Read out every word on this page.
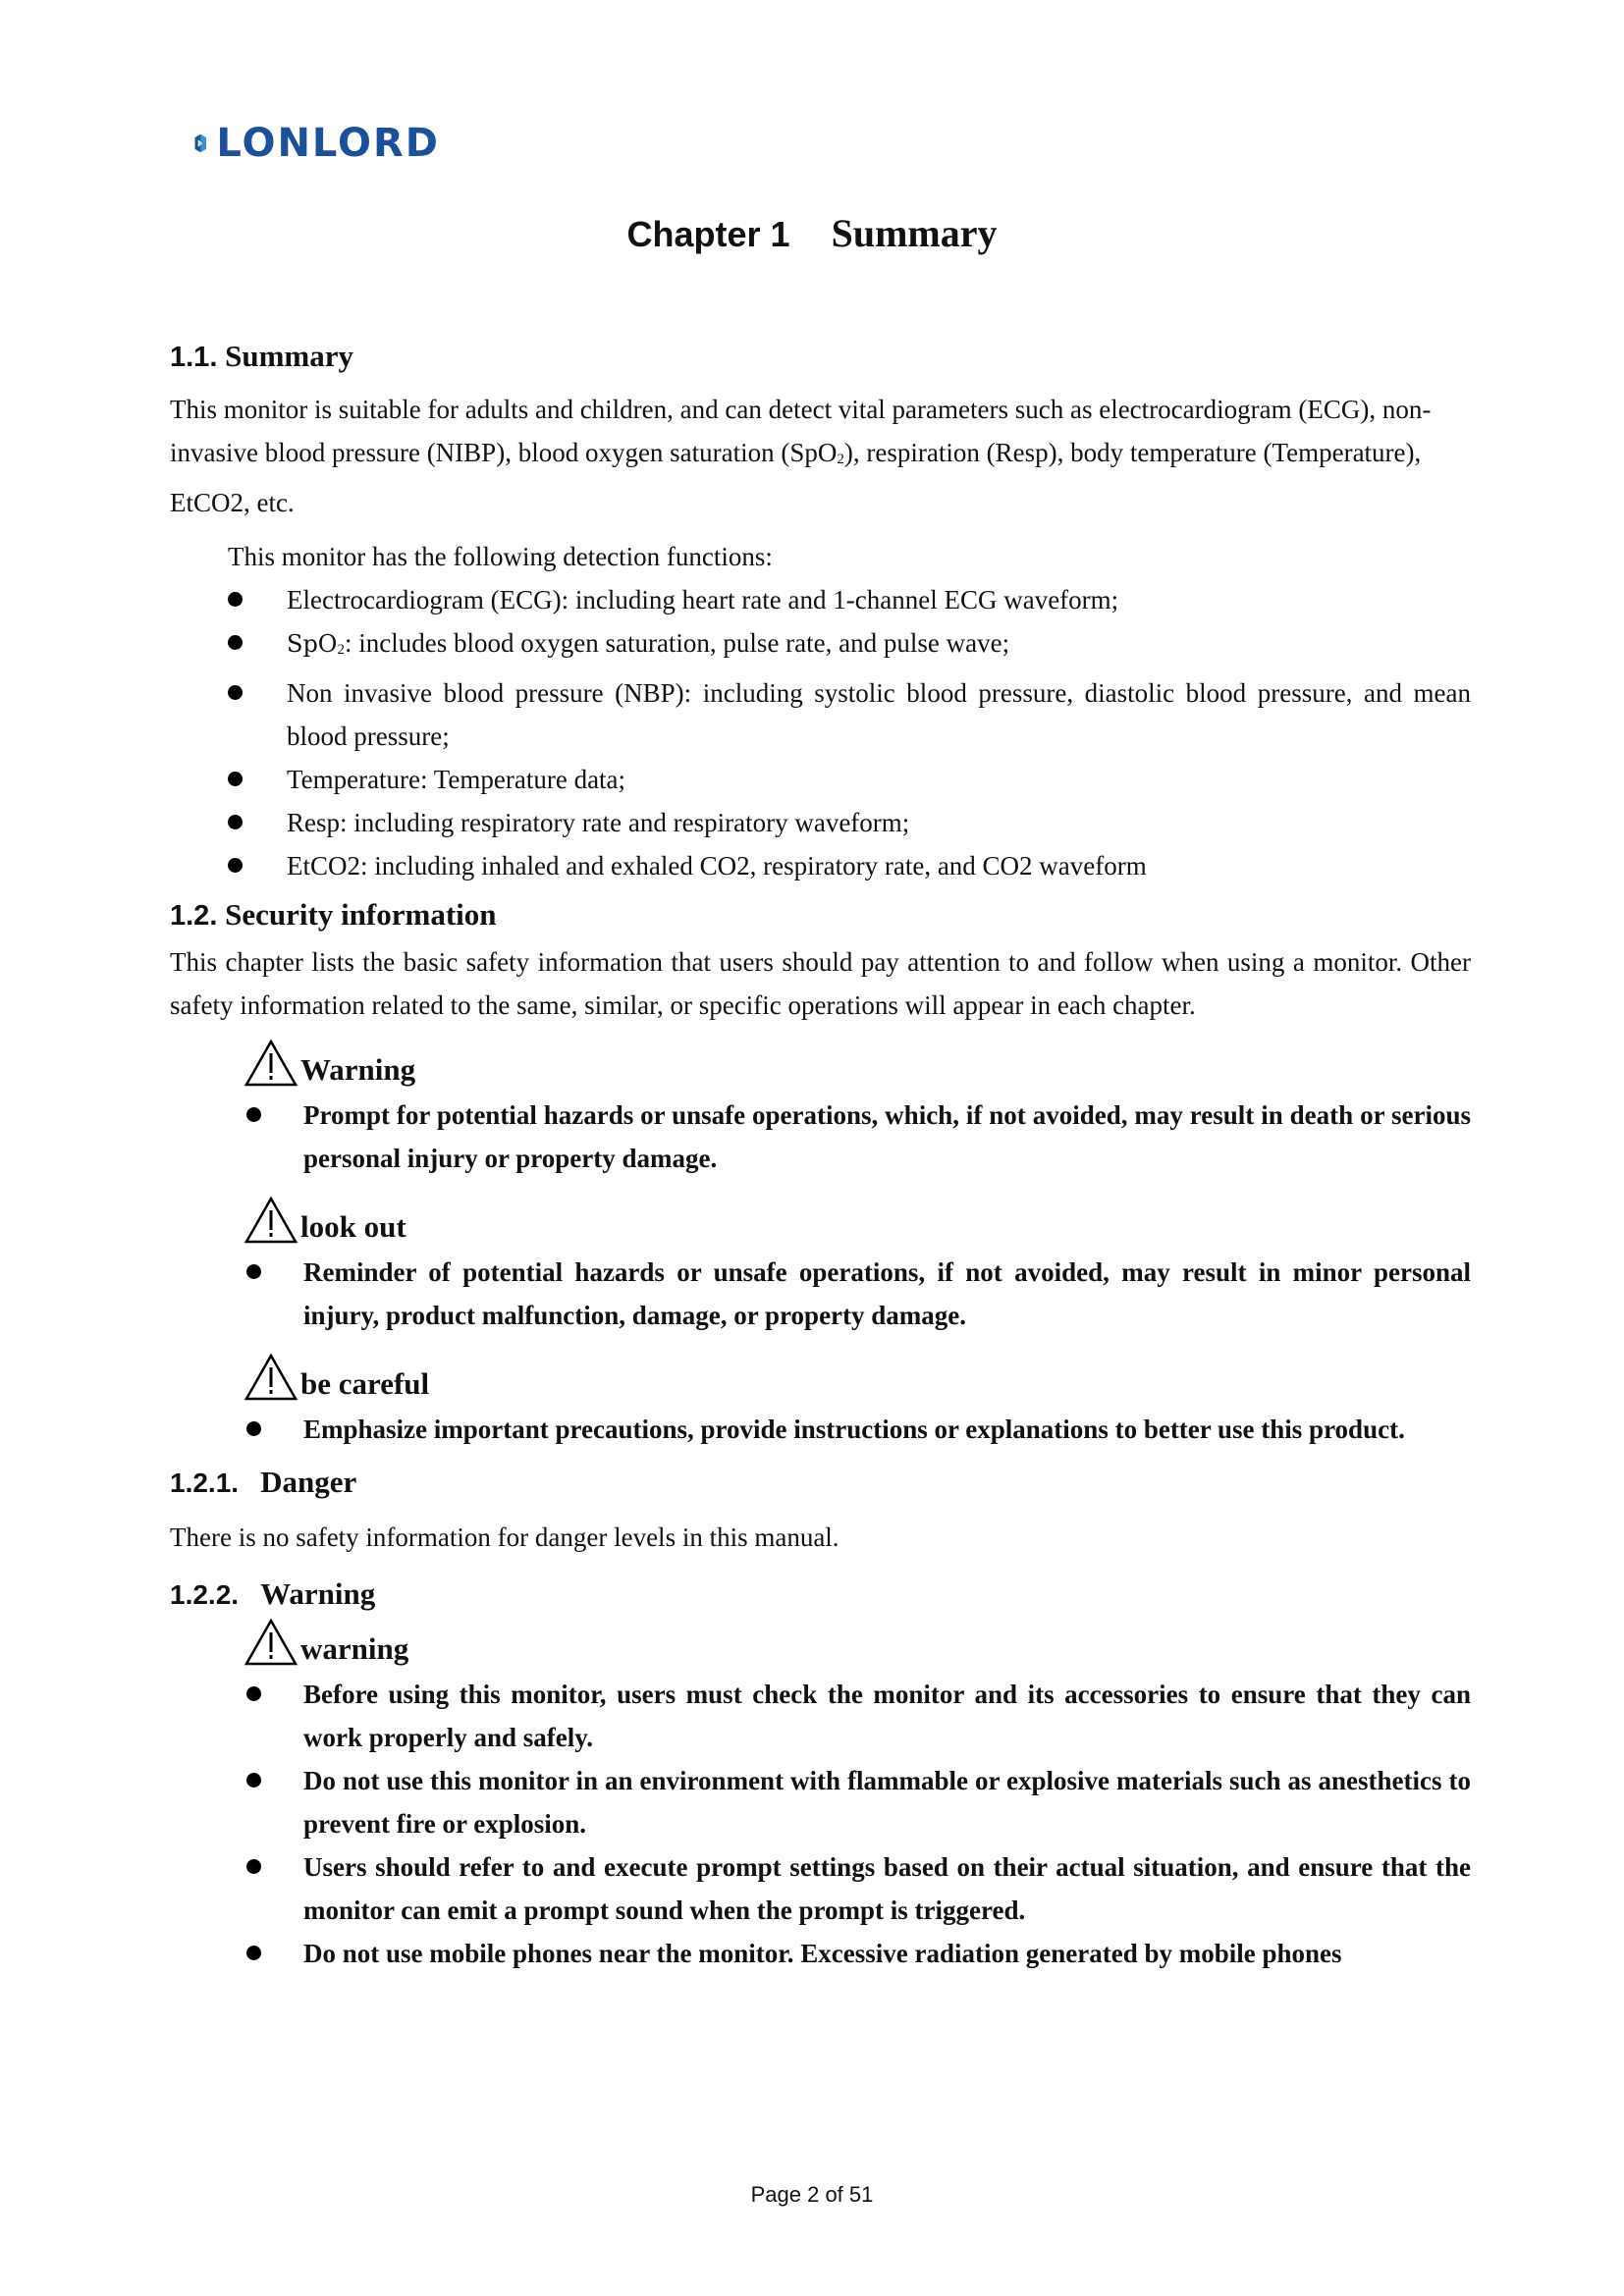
LONLORD
Chapter 1 Summary
1.1. Summary

This monitor is suitable for adults and children, and can detect vital parameters such as electrocardiogram (ECG), non-invasive blood pressure (NIBP), blood oxygen saturation (SpO2), respiration (Resp), body temperature (Temperature), EtCO2, etc.

This monitor has the following detection functions:

Electrocardiogram (ECG): including heart rate and 1-channel ECG waveform;
SpO2: includes blood oxygen saturation, pulse rate, and pulse wave;
Non invasive blood pressure (NBP): including systolic blood pressure, diastolic blood pressure, and mean blood pressure;
Temperature: Temperature data;
Resp: including respiratory rate and respiratory waveform;
EtCO2: including inhaled and exhaled CO2, respiratory rate, and CO2 waveform
1.2. Security information

This chapter lists the basic safety information that users should pay attention to and follow when using a monitor. Other safety information related to the same, similar, or specific operations will appear in each chapter.

Warning
Prompt for potential hazards or unsafe operations, which, if not avoided, may result in death or serious personal injury or property damage.
look out
Reminder of potential hazards or unsafe operations, if not avoided, may result in minor personal injury, product malfunction, damage, or property damage.
be careful
Emphasize important precautions, provide instructions or explanations to better use this product.
1.2.1. Danger

There is no safety information for danger levels in this manual.

1.2.2. Warning
warning
Before using this monitor, users must check the monitor and its accessories to ensure that they can work properly and safely.
Do not use this monitor in an environment with flammable or explosive materials such as anesthetics to prevent fire or explosion.
Users should refer to and execute prompt settings based on their actual situation, and ensure that the monitor can emit a prompt sound when the prompt is triggered.
Do not use mobile phones near the monitor. Excessive radiation generated by mobile phones
Page 2 of 51
